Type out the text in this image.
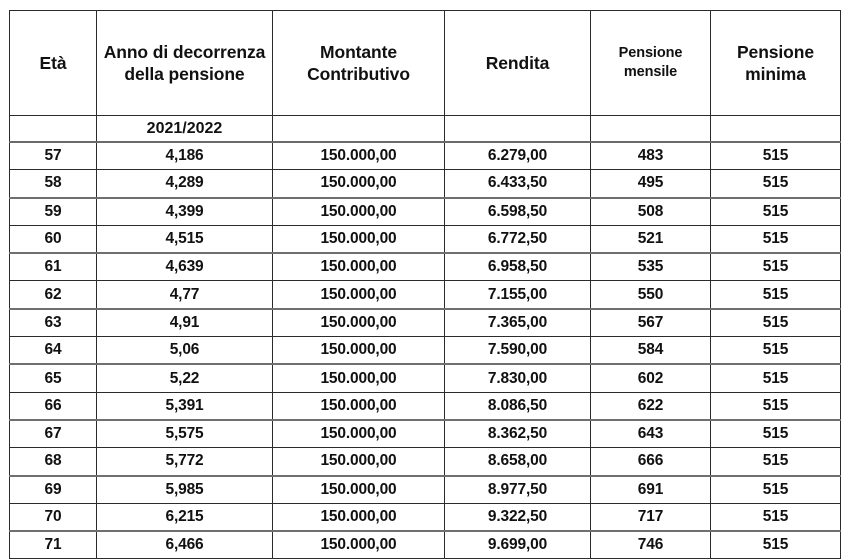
Età	Anno di decorrenza della pensione	Montante Contributivo	Rendita	Pensione mensile	Pensione minima
	2021/2022				
57	4,186	150.000,00	6.279,00	483	515
58	4,289	150.000,00	6.433,50	495	515
59	4,399	150.000,00	6.598,50	508	515
60	4,515	150.000,00	6.772,50	521	515
61	4,639	150.000,00	6.958,50	535	515
62	4,77	150.000,00	7.155,00	550	515
63	4,91	150.000,00	7.365,00	567	515
64	5,06	150.000,00	7.590,00	584	515
65	5,22	150.000,00	7.830,00	602	515
66	5,391	150.000,00	8.086,50	622	515
67	5,575	150.000,00	8.362,50	643	515
68	5,772	150.000,00	8.658,00	666	515
69	5,985	150.000,00	8.977,50	691	515
70	6,215	150.000,00	9.322,50	717	515
71	6,466	150.000,00	9.699,00	746	515
